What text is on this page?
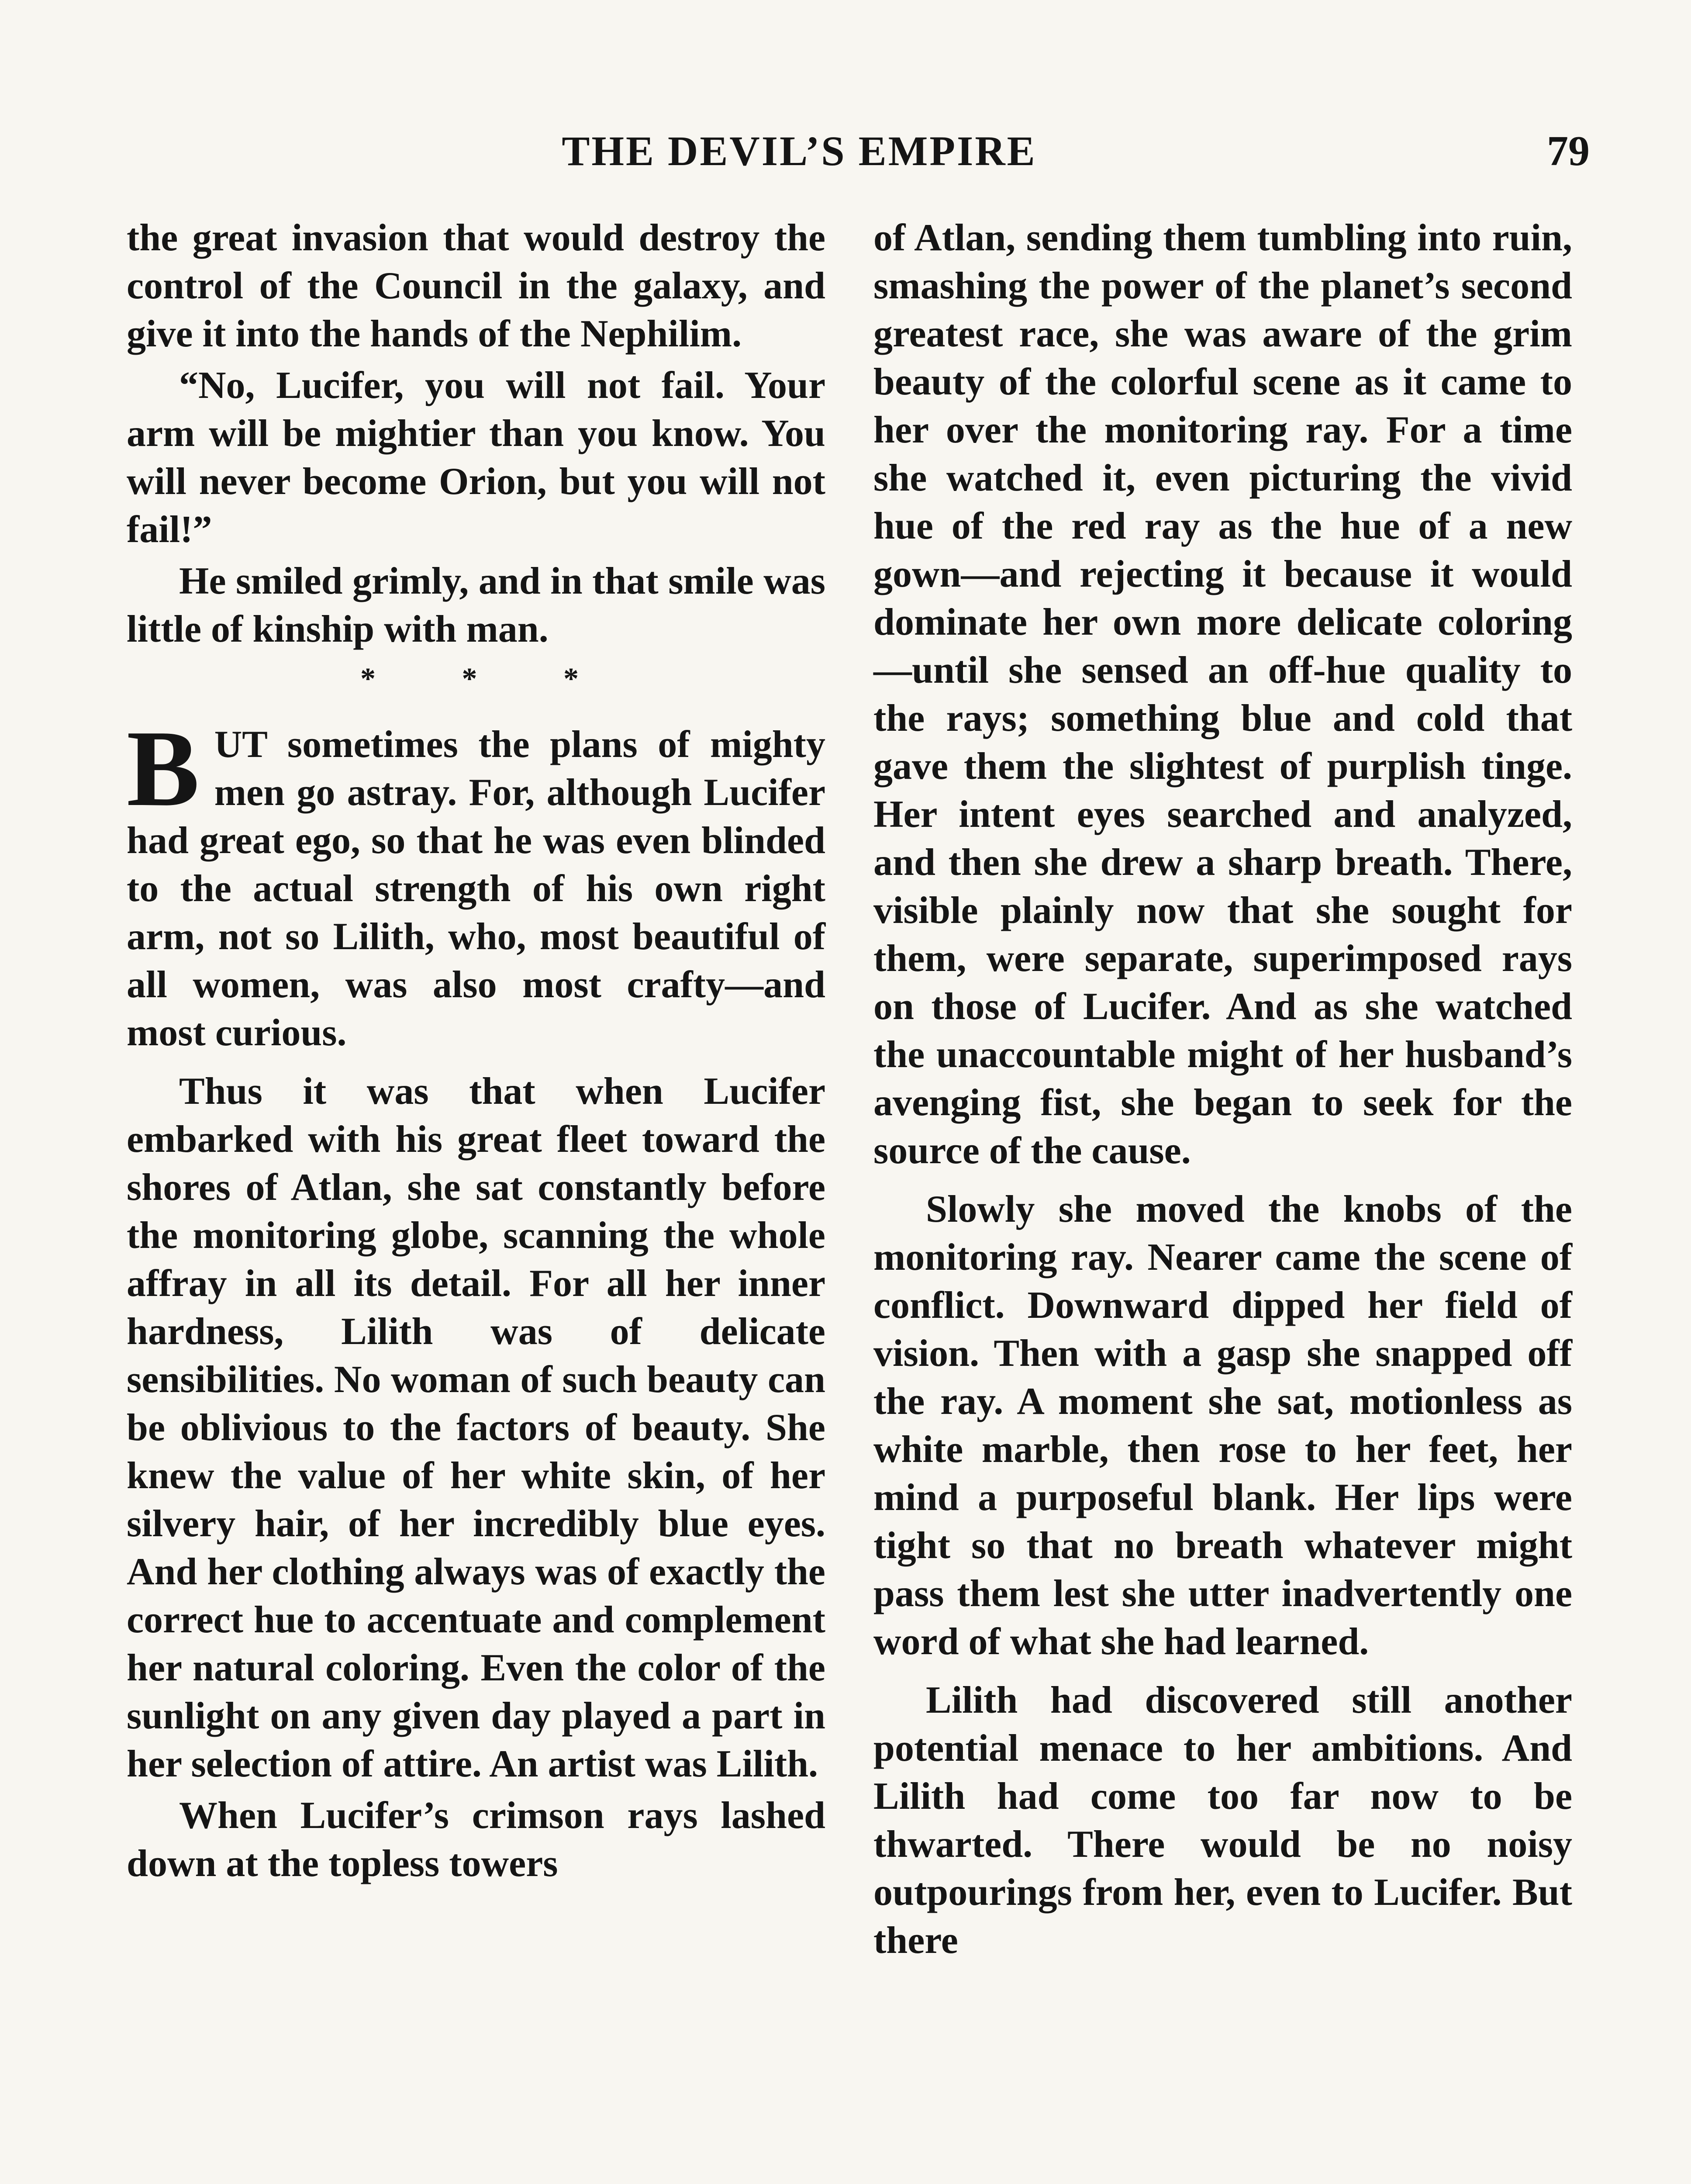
THE DEVIL’S EMPIRE	79

the great invasion that would destroy the control of the Council in the galaxy, and give it into the hands of the Nephilim.

“No, Lucifer, you will not fail. Your arm will be mightier than you know. You will never become Orion, but you will not fail!”

He smiled grimly, and in that smile was little of kinship with man.

* * *

BUT sometimes the plans of mighty men go astray. For, although Lucifer had great ego, so that he was even blinded to the actual strength of his own right arm, not so Lilith, who, most beautiful of all women, was also most crafty—and most curious.

Thus it was that when Lucifer embarked with his great fleet toward the shores of Atlan, she sat constantly before the monitoring globe, scanning the whole affray in all its detail. For all her inner hardness, Lilith was of delicate sensibilities. No woman of such beauty can be oblivious to the factors of beauty. She knew the value of her white skin, of her silvery hair, of her incredibly blue eyes. And her clothing always was of exactly the correct hue to accentuate and complement her natural coloring. Even the color of the sunlight on any given day played a part in her selection of attire. An artist was Lilith.

When Lucifer’s crimson rays lashed down at the topless towers

of Atlan, sending them tumbling into ruin, smashing the power of the planet’s second greatest race, she was aware of the grim beauty of the colorful scene as it came to her over the monitoring ray. For a time she watched it, even picturing the vivid hue of the red ray as the hue of a new gown—and rejecting it because it would dominate her own more delicate coloring—until she sensed an off-hue quality to the rays; something blue and cold that gave them the slightest of purplish tinge. Her intent eyes searched and analyzed, and then she drew a sharp breath. There, visible plainly now that she sought for them, were separate, superimposed rays on those of Lucifer. And as she watched the unaccountable might of her husband’s avenging fist, she began to seek for the source of the cause.

Slowly she moved the knobs of the monitoring ray. Nearer came the scene of conflict. Downward dipped her field of vision. Then with a gasp she snapped off the ray. A moment she sat, motionless as white marble, then rose to her feet, her mind a purposeful blank. Her lips were tight so that no breath whatever might pass them lest she utter inadvertently one word of what she had learned.

Lilith had discovered still another potential menace to her ambitions. And Lilith had come too far now to be thwarted. There would be no noisy outpourings from her, even to Lucifer. But there
